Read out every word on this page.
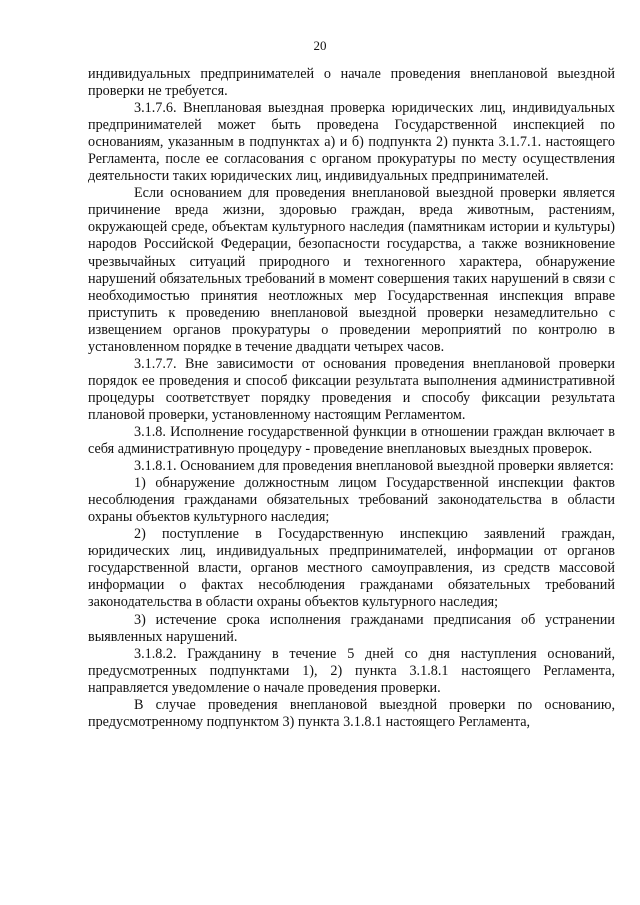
20

индивидуальных предпринимателей о начале проведения внеплановой выездной проверки не требуется.

3.1.7.6. Внеплановая выездная проверка юридических лиц, индивидуальных предпринимателей может быть проведена Государственной инспекцией по основаниям, указанным в подпунктах а) и б) подпункта 2) пункта 3.1.7.1. настоящего Регламента, после ее согласования с органом прокуратуры по месту осуществления деятельности таких юридических лиц, индивидуальных предпринимателей.

Если основанием для проведения внеплановой выездной проверки является причинение вреда жизни, здоровью граждан, вреда животным, растениям, окружающей среде, объектам культурного наследия (памятникам истории и культуры) народов Российской Федерации, безопасности государства, а также возникновение чрезвычайных ситуаций природного и техногенного характера, обнаружение нарушений обязательных требований в момент совершения таких нарушений в связи с необходимостью принятия неотложных мер Государственная инспекция вправе приступить к проведению внеплановой выездной проверки незамедлительно с извещением органов прокуратуры о проведении мероприятий по контролю в установленном порядке в течение двадцати четырех часов.

3.1.7.7. Вне зависимости от основания проведения внеплановой проверки порядок ее проведения и способ фиксации результата выполнения административной процедуры соответствует порядку проведения и способу фиксации результата плановой проверки, установленному настоящим Регламентом.

3.1.8. Исполнение государственной функции в отношении граждан включает в себя административную процедуру - проведение внеплановых выездных проверок.

3.1.8.1. Основанием для проведения внеплановой выездной проверки является:

1) обнаружение должностным лицом Государственной инспекции фактов несоблюдения гражданами обязательных требований законодательства в области охраны объектов культурного наследия;

2) поступление в Государственную инспекцию заявлений граждан, юридических лиц, индивидуальных предпринимателей, информации от органов государственной власти, органов местного самоуправления, из средств массовой информации о фактах несоблюдения гражданами обязательных требований законодательства в области охраны объектов культурного наследия;

3) истечение срока исполнения гражданами предписания об устранении выявленных нарушений.

3.1.8.2. Гражданину в течение 5 дней со дня наступления оснований, предусмотренных подпунктами 1), 2) пункта 3.1.8.1 настоящего Регламента, направляется уведомление о начале проведения проверки.

В случае проведения внеплановой выездной проверки по основанию, предусмотренному подпунктом 3) пункта 3.1.8.1 настоящего Регламента,
